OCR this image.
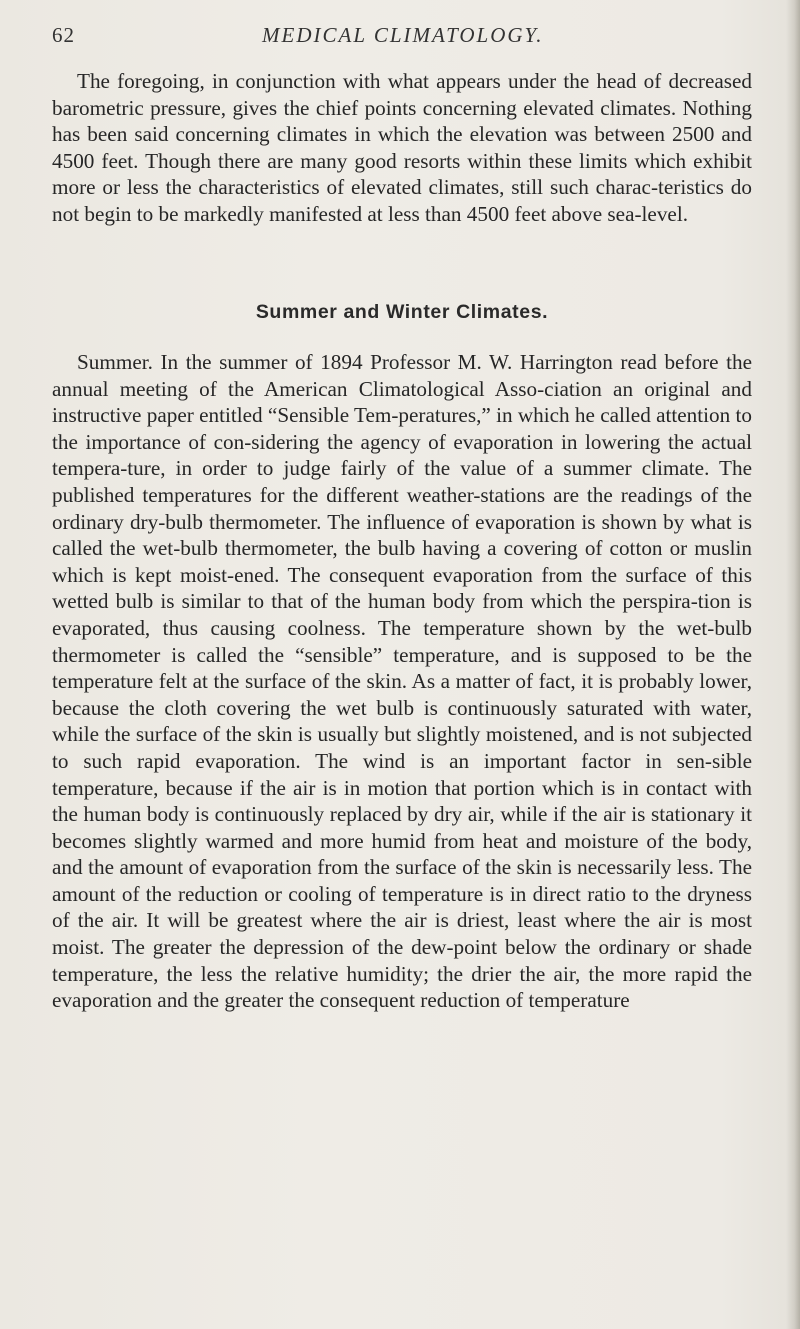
62	MEDICAL CLIMATOLOGY.

The foregoing, in conjunction with what appears under the head of decreased barometric pressure, gives the chief points concerning elevated climates. Nothing has been said concerning climates in which the elevation was between 2500 and 4500 feet. Though there are many good resorts within these limits which exhibit more or less the characteristics of elevated climates, still such charac-teristics do not begin to be markedly manifested at less than 4500 feet above sea-level.

Summer and Winter Climates.

Summer. In the summer of 1894 Professor M. W. Harrington read before the annual meeting of the American Climatological Asso-ciation an original and instructive paper entitled “Sensible Tem-peratures,” in which he called attention to the importance of con-sidering the agency of evaporation in lowering the actual tempera-ture, in order to judge fairly of the value of a summer climate. The published temperatures for the different weather-stations are the readings of the ordinary dry-bulb thermometer. The influence of evaporation is shown by what is called the wet-bulb thermometer, the bulb having a covering of cotton or muslin which is kept moist-ened. The consequent evaporation from the surface of this wetted bulb is similar to that of the human body from which the perspira-tion is evaporated, thus causing coolness. The temperature shown by the wet-bulb thermometer is called the “sensible” temperature, and is supposed to be the temperature felt at the surface of the skin. As a matter of fact, it is probably lower, because the cloth covering the wet bulb is continuously saturated with water, while the surface of the skin is usually but slightly moistened, and is not subjected to such rapid evaporation. The wind is an important factor in sen-sible temperature, because if the air is in motion that portion which is in contact with the human body is continuously replaced by dry air, while if the air is stationary it becomes slightly warmed and more humid from heat and moisture of the body, and the amount of evaporation from the surface of the skin is necessarily less. The amount of the reduction or cooling of temperature is in direct ratio to the dryness of the air. It will be greatest where the air is driest, least where the air is most moist. The greater the depression of the dew-point below the ordinary or shade temperature, the less the relative humidity; the drier the air, the more rapid the evaporation and the greater the consequent reduction of temperature
